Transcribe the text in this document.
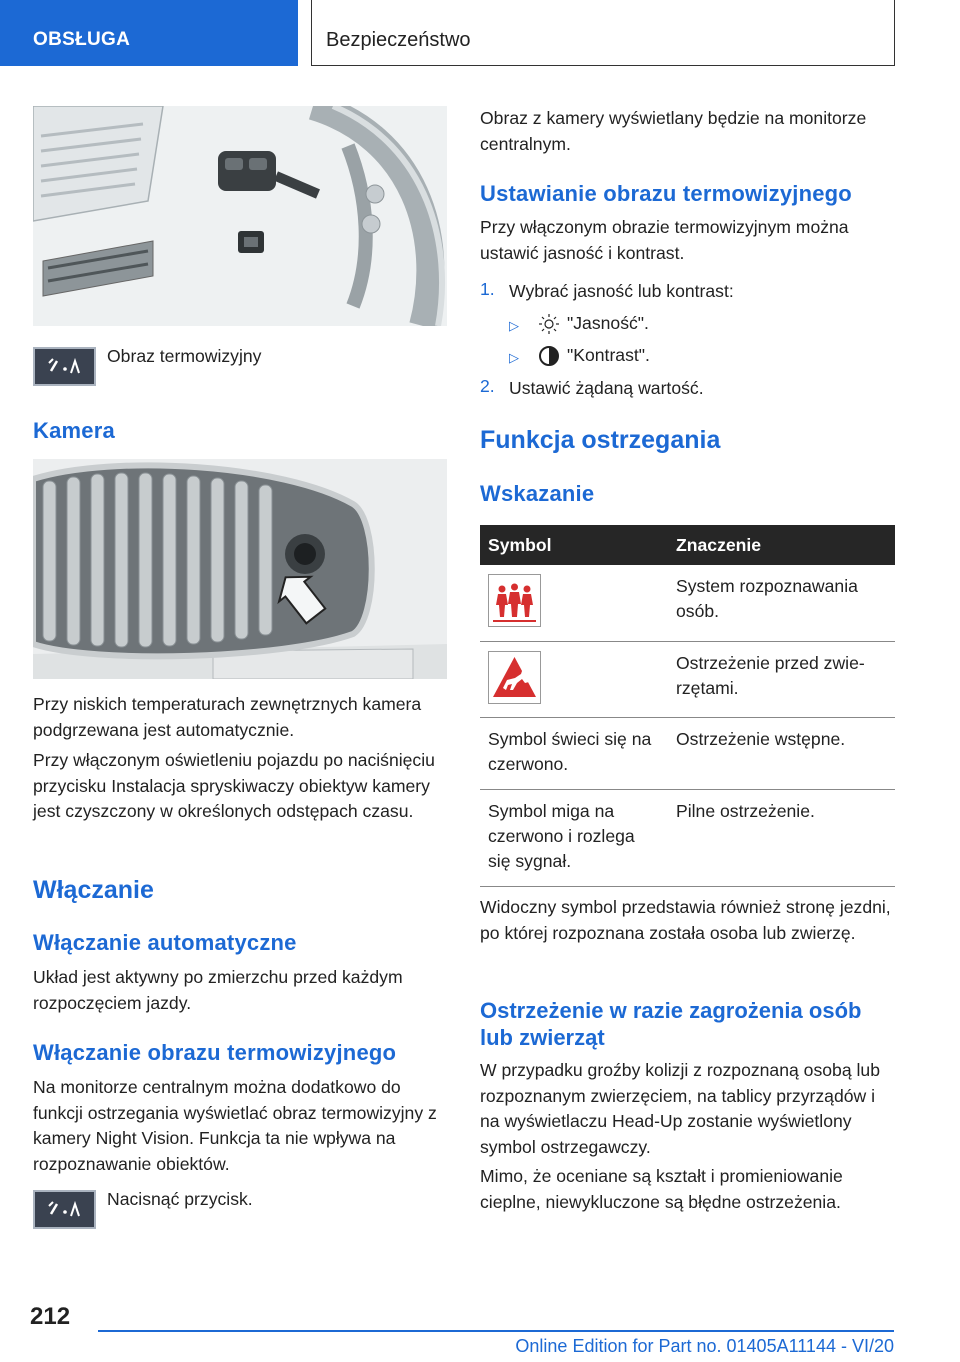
OBSŁUGA	Bezpieczeństwo
Obraz termowizyjny
Kamera
Przy niskich temperaturach zewnętrznych kamera podgrzewana jest automatycznie.
Przy włączonym oświetleniu pojazdu po naciśnięciu przycisku Instalacja spryskiwaczy obiektyw kamery jest czyszczony w określonych odstępach czasu.
Włączanie
Włączanie automatyczne
Układ jest aktywny po zmierzchu przed każdym rozpoczęciem jazdy.
Włączanie obrazu termowizyjnego
Na monitorze centralnym można dodatkowo do funkcji ostrzegania wyświetlać obraz termowizyjny z kamery Night Vision. Funkcja ta nie wpływa na rozpoznawanie obiektów.
Nacisnąć przycisk.
Obraz z kamery wyświetlany będzie na monitorze centralnym.
Ustawianie obrazu termowizyjnego
Przy włączonym obrazie termowizyjnym można ustawić jasność i kontrast.
1. Wybrać jasność lub kontrast:
▷	"Jasność".
▷	"Kontrast".
2. Ustawić żądaną wartość.
Funkcja ostrzegania
Wskazanie
Symbol	Znaczenie

	System rozpoznawania osób.

	Ostrzeżenie przed zwierzętami.
Symbol świeci się na czerwono.	Ostrzeżenie wstępne.
Symbol miga na czerwono i rozlega się sygnał.	Pilne ostrzeżenie.
Widoczny symbol przedstawia również stronę jezdni, po której rozpoznana została osoba lub zwierzę.
Ostrzeżenie w razie zagrożenia osób lub zwierząt
W przypadku groźby kolizji z rozpoznaną osobą lub rozpoznanym zwierzęciem, na tablicy przyrządów i na wyświetlaczu Head-Up zostanie wyświetlony symbol ostrzegawczy.
Mimo, że oceniane są kształt i promieniowanie cieplne, niewykluczone są błędne ostrzeżenia.
212
Online Edition for Part no. 01405A11144 - VI/20
